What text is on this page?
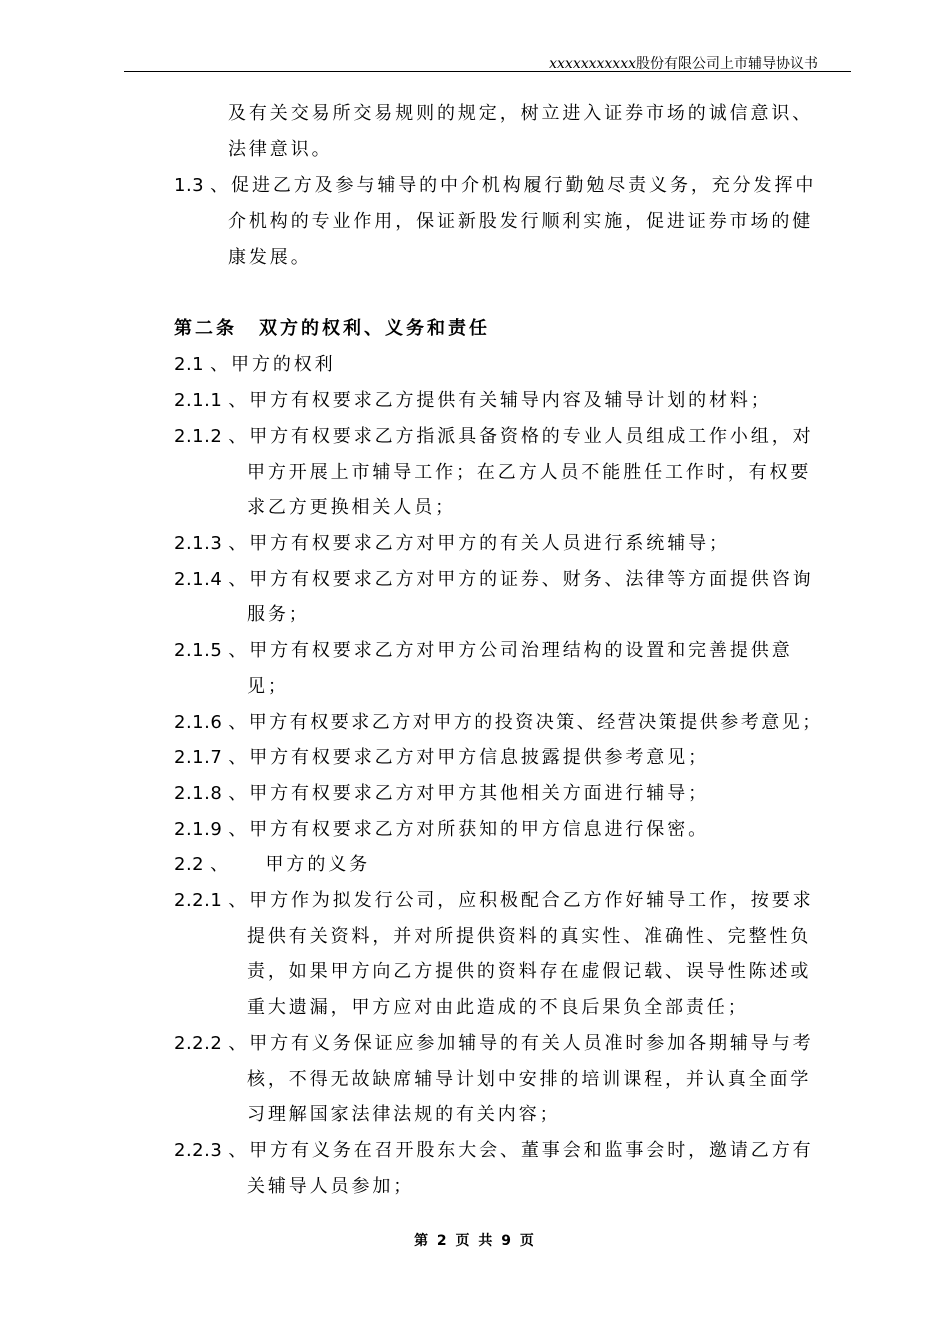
xxxxxxxxxxx股份有限公司上市辅导协议书
及有关交易所交易规则的规定，树立进入证券市场的诚信意识、
法律意识。
1.3 、促进乙方及参与辅导的中介机构履行勤勉尽责义务，充分发挥中
介机构的专业作用，保证新股发行顺利实施，促进证券市场的健
康发展。
第二条 双方的权利、义务和责任
2.1 、甲方的权利
2.1.1 、甲方有权要求乙方提供有关辅导内容及辅导计划的材料；
2.1.2 、甲方有权要求乙方指派具备资格的专业人员组成工作小组，对
甲方开展上市辅导工作；在乙方人员不能胜任工作时，有权要
求乙方更换相关人员；
2.1.3 、甲方有权要求乙方对甲方的有关人员进行系统辅导；
2.1.4 、甲方有权要求乙方对甲方的证券、财务、法律等方面提供咨询
服务；
2.1.5 、甲方有权要求乙方对甲方公司治理结构的设置和完善提供意
见；
2.1.6 、甲方有权要求乙方对甲方的投资决策、经营决策提供参考意见；
2.1.7 、甲方有权要求乙方对甲方信息披露提供参考意见；
2.1.8 、甲方有权要求乙方对甲方其他相关方面进行辅导；
2.1.9 、甲方有权要求乙方对所获知的甲方信息进行保密。
2.2 、    甲方的义务
2.2.1 、甲方作为拟发行公司，应积极配合乙方作好辅导工作，按要求
提供有关资料，并对所提供资料的真实性、准确性、完整性负
责，如果甲方向乙方提供的资料存在虚假记载、误导性陈述或
重大遗漏，甲方应对由此造成的不良后果负全部责任；
2.2.2 、甲方有义务保证应参加辅导的有关人员准时参加各期辅导与考
核，不得无故缺席辅导计划中安排的培训课程，并认真全面学
习理解国家法律法规的有关内容；
2.2.3 、甲方有义务在召开股东大会、董事会和监事会时，邀请乙方有
关辅导人员参加；
第 2 页 共 9 页
